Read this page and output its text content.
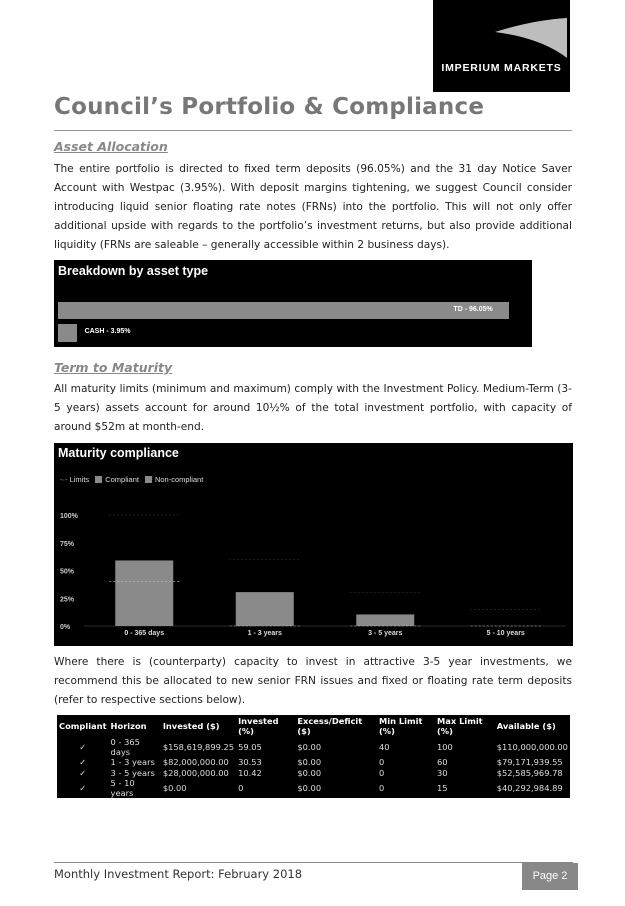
IMPERIUM MARKETS
Council’s Portfolio & Compliance
Asset Allocation

The entire portfolio is directed to fixed term deposits (96.05%) and the 31 day Notice Saver Account with Westpac (3.95%). With deposit margins tightening, we suggest Council consider introducing liquid senior floating rate notes (FRNs) into the portfolio. This will not only offer additional upside with regards to the portfolio’s investment returns, but also provide additional liquidity (FRNs are saleable – generally accessible within 2 business days).

Breakdown by asset type
TD - 96.05%
CASH - 3.95%
Term to Maturity

All maturity limits (minimum and maximum) comply with the Investment Policy. Medium-Term (3-5 years) assets account for around 10½% of the total investment portfolio, with capacity of around $52m at month-end.

Maturity compliance
-·- Limits	Compliant	Non-compliant
0%
25%
50%
75%
100%
0 - 365 days	1 - 3 years	3 - 5 years	5 - 10 years

Where there is (counterparty) capacity to invest in attractive 3-5 year investments, we recommend this be allocated to new senior FRN issues and fixed or floating rate term deposits (refer to respective sections below).

Compliant	Horizon	Invested ($)	Invested (%)	Excess/Deficit ($)	Min Limit (%)	Max Limit (%)	Available ($)
✓	0 - 365 days	$158,619,899.25	59.05	$0.00	40	100	$110,000,000.00
✓	1 - 3 years	$82,000,000.00	30.53	$0.00	0	60	$79,171,939.55
✓	3 - 5 years	$28,000,000.00	10.42	$0.00	0	30	$52,585,969.78
✓	5 - 10 years	$0.00	0	$0.00	0	15	$40,292,984.89
Monthly Investment Report: February 2018	Page 2
